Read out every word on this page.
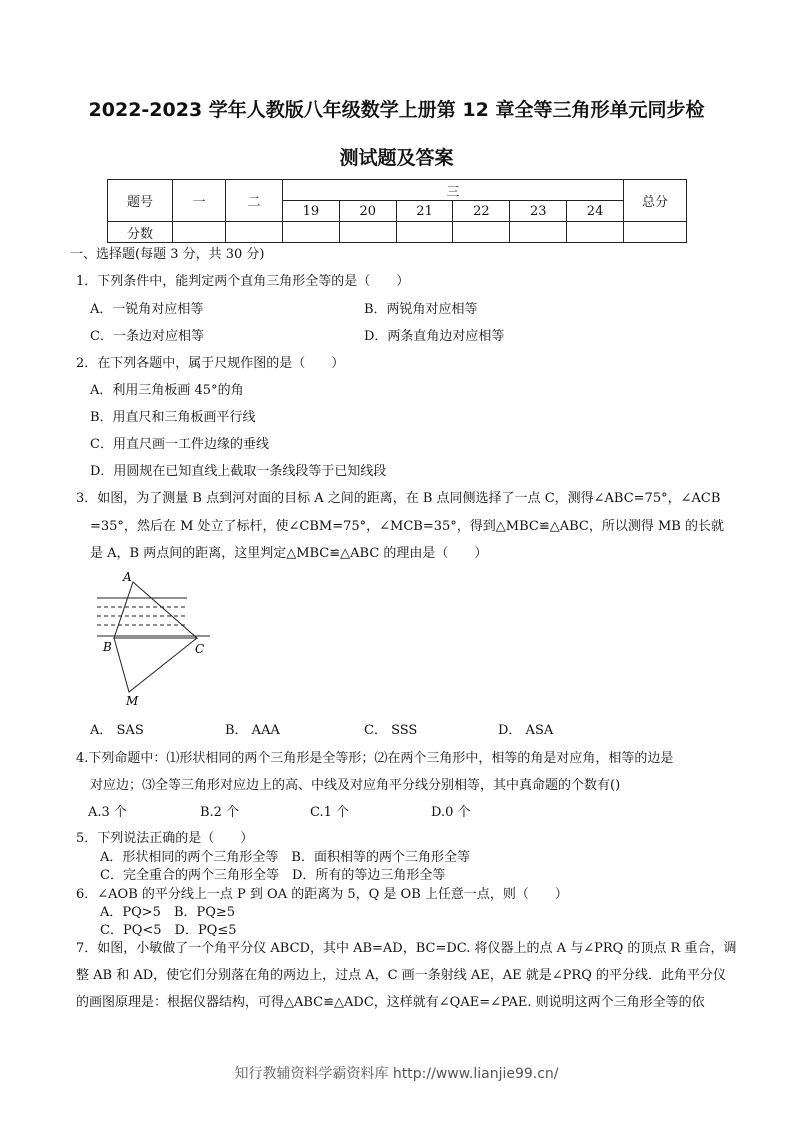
2022-2023 学年人教版八年级数学上册第 12 章全等三角形单元同步检
测试题及答案
题号	一	二	三						总分
			19	20	21	22	23	24	
分数									
一、选择题(每题 3 分，共 30 分)
1．下列条件中，能判定两个直角三角形全等的是（　　）
A．一锐角对应相等	B．两锐角对应相等
C．一条边对应相等	D．两条直角边对应相等
2．在下列各题中，属于尺规作图的是（　　）
A．利用三角板画 45°的角
B．用直尺和三角板画平行线
C．用直尺画一工件边缘的垂线
D．用圆规在已知直线上截取一条线段等于已知线段
3．如图，为了测量 B 点到河对面的目标 A 之间的距离，在 B 点同侧选择了一点 C，测得∠ABC=75°，∠ACB
=35°，然后在 M 处立了标杆，使∠CBM=75°，∠MCB=35°，得到△MBC≌△ABC，所以测得 MB 的长就
是 A，B 两点间的距离，这里判定△MBC≌△ABC 的理由是（　　）
A
B	C
M
A． SAS	B． AAA	C． SSS	D． ASA
4.下列命题中：⑴形状相同的两个三角形是全等形；⑵在两个三角形中，相等的角是对应角，相等的边是
对应边；⑶全等三角形对应边上的高、中线及对应角平分线分别相等，其中真命题的个数有()
A.3 个	B.2 个	C.1 个	D.0 个
5．下列说法正确的是（　　）
A．形状相同的两个三角形全等　B．面积相等的两个三角形全等
C．完全重合的两个三角形全等　D．所有的等边三角形全等
6．∠AOB 的平分线上一点 P 到 OA 的距离为 5，Q 是 OB 上任意一点，则（　　）
A．PQ>5　B．PQ≥5
C．PQ<5　D．PQ≤5
7．如图，小敏做了一个角平分仪 ABCD，其中 AB=AD，BC=DC. 将仪器上的点 A 与∠PRQ 的顶点 R 重合，调
整 AB 和 AD，使它们分别落在角的两边上，过点 A，C 画一条射线 AE，AE 就是∠PRQ 的平分线．此角平分仪
的画图原理是：根据仪器结构，可得△ABC≌△ADC，这样就有∠QAE=∠PAE. 则说明这两个三角形全等的依
知行教辅资料学霸资料库 http://www.lianjie99.cn/
